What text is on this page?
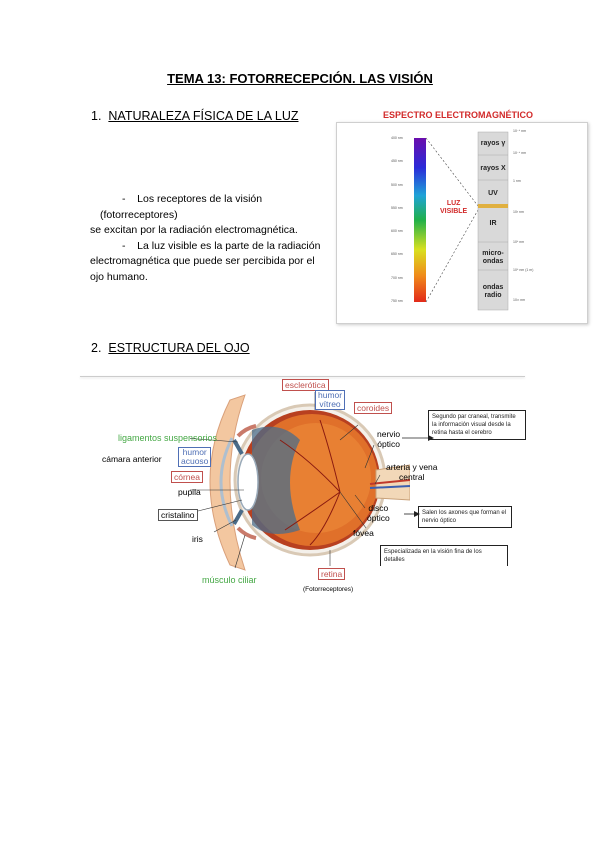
TEMA 13: FOTORRECEPCIÓN. LAS VISIÓN
1. NATURALEZA FÍSICA DE LA LUZ

- Los receptores de la visión (fotorreceptores)

se excitan por la radiación electromagnética.

- La luz visible es la parte de la radiación

electromagnética que puede ser percibida por el ojo humano.

ESPECTRO ELECTROMAGNÉTICO
400 nm
450 nm
500 nm
550 nm
600 nm
650 nm
700 nm
750 nm
LUZ
VISIBLE
rayos γ
rayos X
UV
IR
micro-
ondas
ondas
radio
10⁻⁶ nm
10⁻⁴ nm
1 nm
10³ nm
10⁶ nm
10⁹ nm (1 m)
10¹² nm
2. ESTRUCTURA DEL OJO
esclerótica
humor
vítreo	coroides
ligamentos suspensorios
cámara anterior
humor
acuoso
córnea
pupila
cristalino
iris
músculo ciliar
retina
(Fotorreceptores)
nervio
óptico
arteria y vena
central
disco
óptico
fóvea
Segundo par craneal, transmite la información visual desde la retina hasta el cerebro
Salen los axones que forman el nervio óptico
Especializada en la visión fina de los detalles
